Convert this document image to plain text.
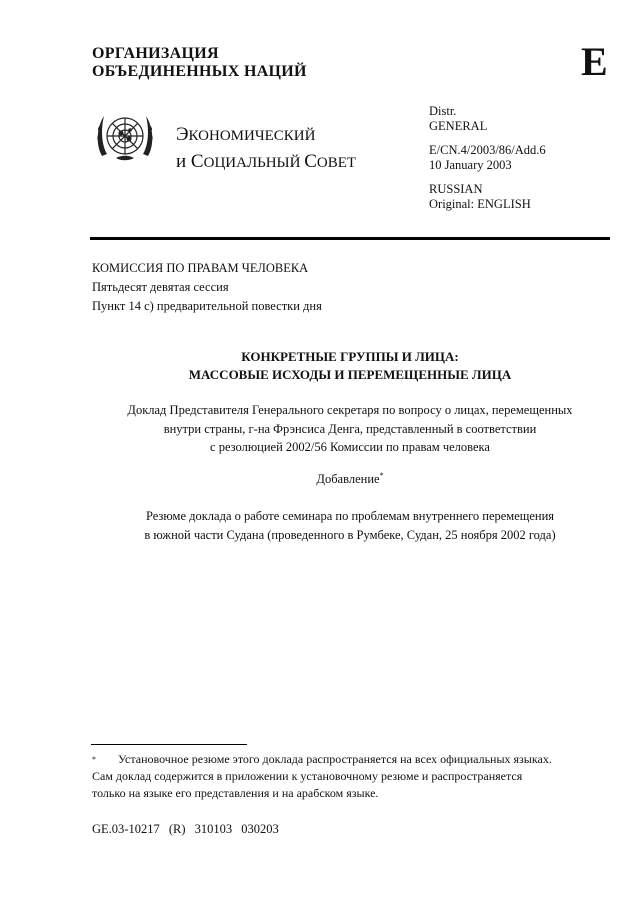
ОРГАНИЗАЦИЯ
ОБЪЕДИНЕННЫХ НАЦИЙ	E
ЭКОНОМИЧЕСКИЙ
и СОЦИАЛЬНЫЙ СОВЕТ
Distr.
GENERAL
E/CN.4/2003/86/Add.6
10 January 2003
RUSSIAN
Original: ENGLISH
КОМИССИЯ ПО ПРАВАМ ЧЕЛОВЕКА
Пятьдесят девятая сессия
Пункт 14 c) предварительной повестки дня
КОНКРЕТНЫЕ ГРУППЫ И ЛИЦА:
МАССОВЫЕ ИСХОДЫ И ПЕРЕМЕЩЕННЫЕ ЛИЦА
Доклад Представителя Генерального секретаря по вопросу о лицах, перемещенных
внутри страны, г-на Фрэнсиса Денга, представленный в соответствии
с резолюцией 2002/56 Комиссии по правам человека
Добавление*
Резюме доклада о работе семинара по проблемам внутреннего перемещения
в южной части Судана (проведенного в Румбеке, Судан, 25 ноября 2002 года)
* Установочное резюме этого доклада распространяется на всех официальных языках.
Сам доклад содержится в приложении к установочному резюме и распространяется
только на языке его представления и на арабском языке.
GE.03-10217 (R) 310103 030203
